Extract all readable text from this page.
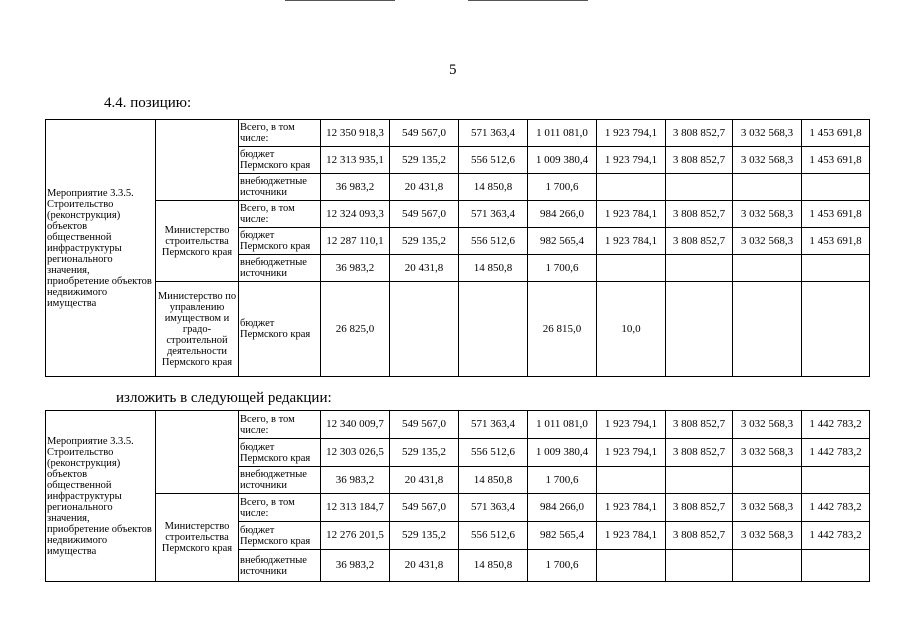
5
4.4. позицию:
Мероприятие 3.3.5. Строительство (реконструкция) объектов общественной инфраструктуры регионального значения, приобретение объектов недвижимого имущества		Всего, в том числе:	12 350 918,3	549 567,0	571 363,4	1 011 081,0	1 923 794,1	3 808 852,7	3 032 568,3	1 453 691,8
		бюджет Пермского края	12 313 935,1	529 135,2	556 512,6	1 009 380,4	1 923 794,1	3 808 852,7	3 032 568,3	1 453 691,8
		внебюджетные источники	36 983,2	20 431,8	14 850,8	1 700,6				
	Министерство строительства Пермского края	Всего, в том числе:	12 324 093,3	549 567,0	571 363,4	984 266,0	1 923 784,1	3 808 852,7	3 032 568,3	1 453 691,8
		бюджет Пермского края	12 287 110,1	529 135,2	556 512,6	982 565,4	1 923 784,1	3 808 852,7	3 032 568,3	1 453 691,8
		внебюджетные источники	36 983,2	20 431,8	14 850,8	1 700,6				
	Министерство по управлению имуществом и градо-строительной деятельности Пермского края	бюджет Пермского края	26 825,0			26 815,0	10,0			
изложить в следующей редакции:
Мероприятие 3.3.5. Строительство (реконструкция) объектов общественной инфраструктуры регионального значения, приобретение объектов недвижимого имущества		Всего, в том числе:	12 340 009,7	549 567,0	571 363,4	1 011 081,0	1 923 794,1	3 808 852,7	3 032 568,3	1 442 783,2
		бюджет Пермского края	12 303 026,5	529 135,2	556 512,6	1 009 380,4	1 923 794,1	3 808 852,7	3 032 568,3	1 442 783,2
		внебюджетные источники	36 983,2	20 431,8	14 850,8	1 700,6				
	Министерство строительства Пермского края	Всего, в том числе:	12 313 184,7	549 567,0	571 363,4	984 266,0	1 923 784,1	3 808 852,7	3 032 568,3	1 442 783,2
		бюджет Пермского края	12 276 201,5	529 135,2	556 512,6	982 565,4	1 923 784,1	3 808 852,7	3 032 568,3	1 442 783,2
		внебюджетные источники	36 983,2	20 431,8	14 850,8	1 700,6				
